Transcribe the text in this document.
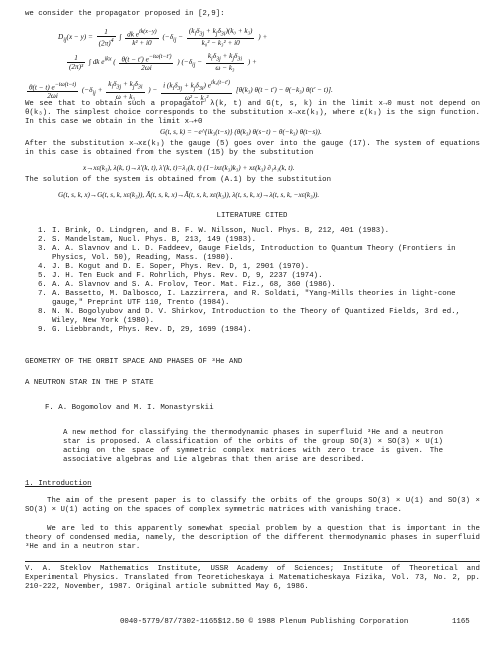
we consider the propagator proposed in [2,9]:
$D_{ij}(x - y) = \frac{1}{(2\pi)^4}$ ∫ $\frac{dk e^{ik(x-y)}}{\text{k² + i0}} (-\delta_{ij} - \frac{(k_i\delta_{3j} + k_j\delta_{3i})(k_0 + k_3)}{\text{k₀² − k₃² + i0}}$ ) +
$\frac{1}{\text{(2π)³}}$ ∫ dk $e^{ikx}$ ( $\frac{\theta(t - t') e^{-i\omega(t-t')}}{2\omega i}$ ) ($-\delta_{ij} - \frac{k_i\delta_{3j} + k_j\delta_{3i}}{\text{ω − k₃}}$ ) +
$\frac{\theta(t - t) e^{-i\omega(t-t)}}{2\omega i} (-\delta_{ij} + \frac{k_i\delta_{3j} + k_j\delta_{3i}}{\text{ω + k₃}}$ ) − $\frac{i (k_i\delta_{3j} + k_j\delta_{3i}) e^{ik_3(t-t')}}{\text{ω² − k₃²}} [\theta(k_3) \theta(t - t') - \theta(-k_3) \theta(t' - t)]$.
We see that to obtain such a propagator λ(k, t) and G(t, s, k) in the limit x→0 must not depend on θ(k₃). The simplest choice corresponds to the substitution x→xε(k₃), where ε(k₃) is the sign function. In this case we obtain in the limit x→+0
G(t, s, k) = −e^{ik₃(t−s)} (θ(k₃) θ(s−t) − θ(−k₃) θ(t−s)).
After the substitution x→xε(k₃) the gauge (5) goes over into the gauge (17). The system of equations in this case is obtained from the system (15) by the substitution
x→xε(k₃), λ(k, t)→λ′(k, t), λ′(k, t)=λ₁(k, t) (1−ixε(k₃)k₃) + xε(k₃) ∂₁λ₁(k, t).
The solution of the system is obtained from (A.1) by the substitution
G(t, s, k, x)→G(t, s, k, xε(k₃)), Ā(t, s, k, x)→Ā(t, s, k, xε(k₃)), λ(t, s, k, x)→λ(t, s, k, −xε(k₃)).
LITERATURE CITED
1. I. Brink, O. Lindgren, and B. F. W. Nilsson, Nucl. Phys. B, 212, 401 (1983).
2. S. Mandelstam, Nucl. Phys. B, 213, 149 (1983).
3. A. A. Slavnov and L. D. Faddeev, Gauge Fields, Introduction to Quantum Theory (Frontiers in Physics, Vol. 50), Reading, Mass. (1980).
4. J. B. Kogut and D. E. Soper, Phys. Rev. D, 1, 2901 (1970).
5. J. H. Ten Euck and F. Rohrlich, Phys. Rev. D, 9, 2237 (1974).
6. A. A. Slavnov and S. A. Frolov, Teor. Mat. Fiz., 68, 360 (1986).
7. A. Bassetto, M. Dalbosco, I. Lazzirrera, and R. Soldati, "Yang-Mills theories in light-cone gauge," Preprint UTF 110, Trento (1984).
8. N. N. Bogolyubov and D. V. Shirkov, Introduction to the Theory of Quantized Fields, 3rd ed., Wiley, New York (1980).
9. G. Liebbrandt, Phys. Rev. D, 29, 1699 (1984).
GEOMETRY OF THE ORBIT SPACE AND PHASES OF ³He AND
A NEUTRON STAR IN THE P STATE
F. A. Bogomolov and M. I. Monastyrskii
A new method for classifying the thermodynamic phases in superfluid ³He and a neutron star is proposed. A classification of the orbits of the group SO(3) × SO(3) × U(1) acting on the space of symmetric complex matrices with zero trace is given. The associative algebras and Lie algebras that then arise are described.
1. Introduction
The aim of the present paper is to classify the orbits of the groups SO(3) × U(1) and SO(3) × SO(3) × U(1) acting on the spaces of complex symmetric matrices with vanishing trace.
We are led to this apparently somewhat special problem by a question that is important in the theory of condensed media, namely, the description of the different thermodynamic phases in superfluid ³He and in a neutron star.
V. A. Steklov Mathematics Institute, USSR Academy of Sciences; Institute of Theoretical and Experimental Physics. Translated from Teoreticheskaya i Matematicheskaya Fizika, Vol. 73, No. 2, pp. 210-222, November, 1987. Original article submitted May 6, 1986.
0040-5779/87/7302-1165$12.50 © 1988 Plenum Publishing Corporation	1165
